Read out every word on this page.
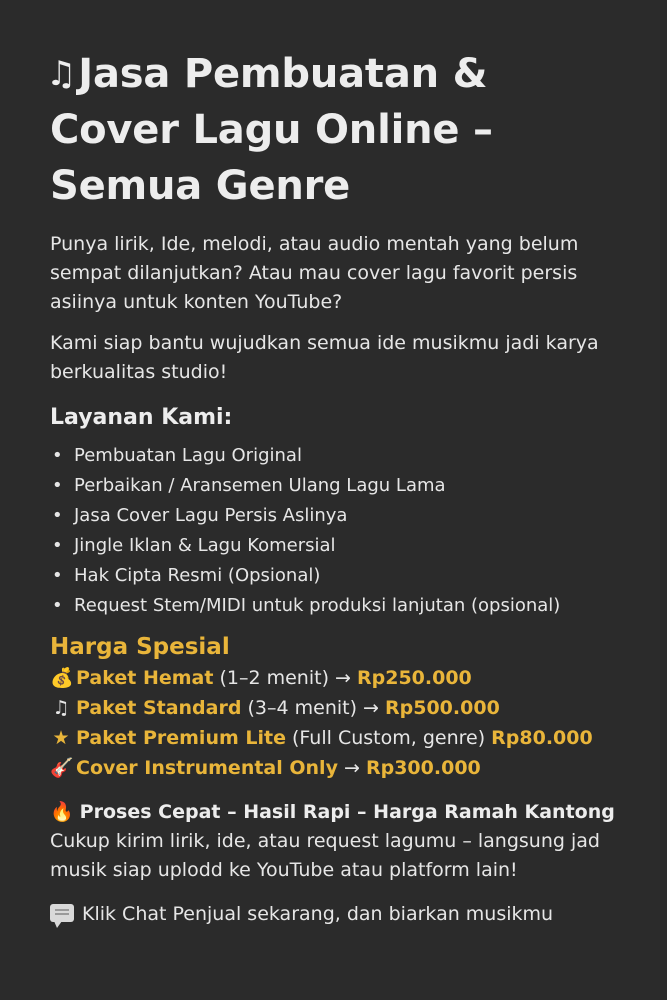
♫Jasa Pembuatan &
Cover Lagu Online –
Semua Genre

Punya lirik, Ide, melodi, atau audio mentah yang belum sempat dilanjutkan? Atau mau cover lagu favorit persis asiinya untuk konten YouTube?

Kami siap bantu wujudkan semua ide musikmu jadi karya berkualitas studio!

Layanan Kami:
• Pembuatan Lagu Original
• Perbaikan / Aransemen Ulang Lagu Lama
• Jasa Cover Lagu Persis Aslinya
• Jingle Iklan & Lagu Komersial
• Hak Cipta Resmi (Opsional)
• Request Stem/MIDI untuk produksi lanjutan (opsional)
Harga Spesial
💰 Paket Hemat (1–2 menit) → Rp250.000
♫ Paket Standard (3–4 menit) → Rp500.000
★ Paket Premium Lite (Full Custom, genre) Rp80.000
🎸 Cover Instrumental Only → Rp300.000
🔥 Proses Cepat – Hasil Rapi – Harga Ramah Kantong

Cukup kirim lirik, ide, atau request lagumu – langsung jad musik siap uplodd ke YouTube atau platform lain!

Klik Chat Penjual sekarang, dan biarkan musikmu
